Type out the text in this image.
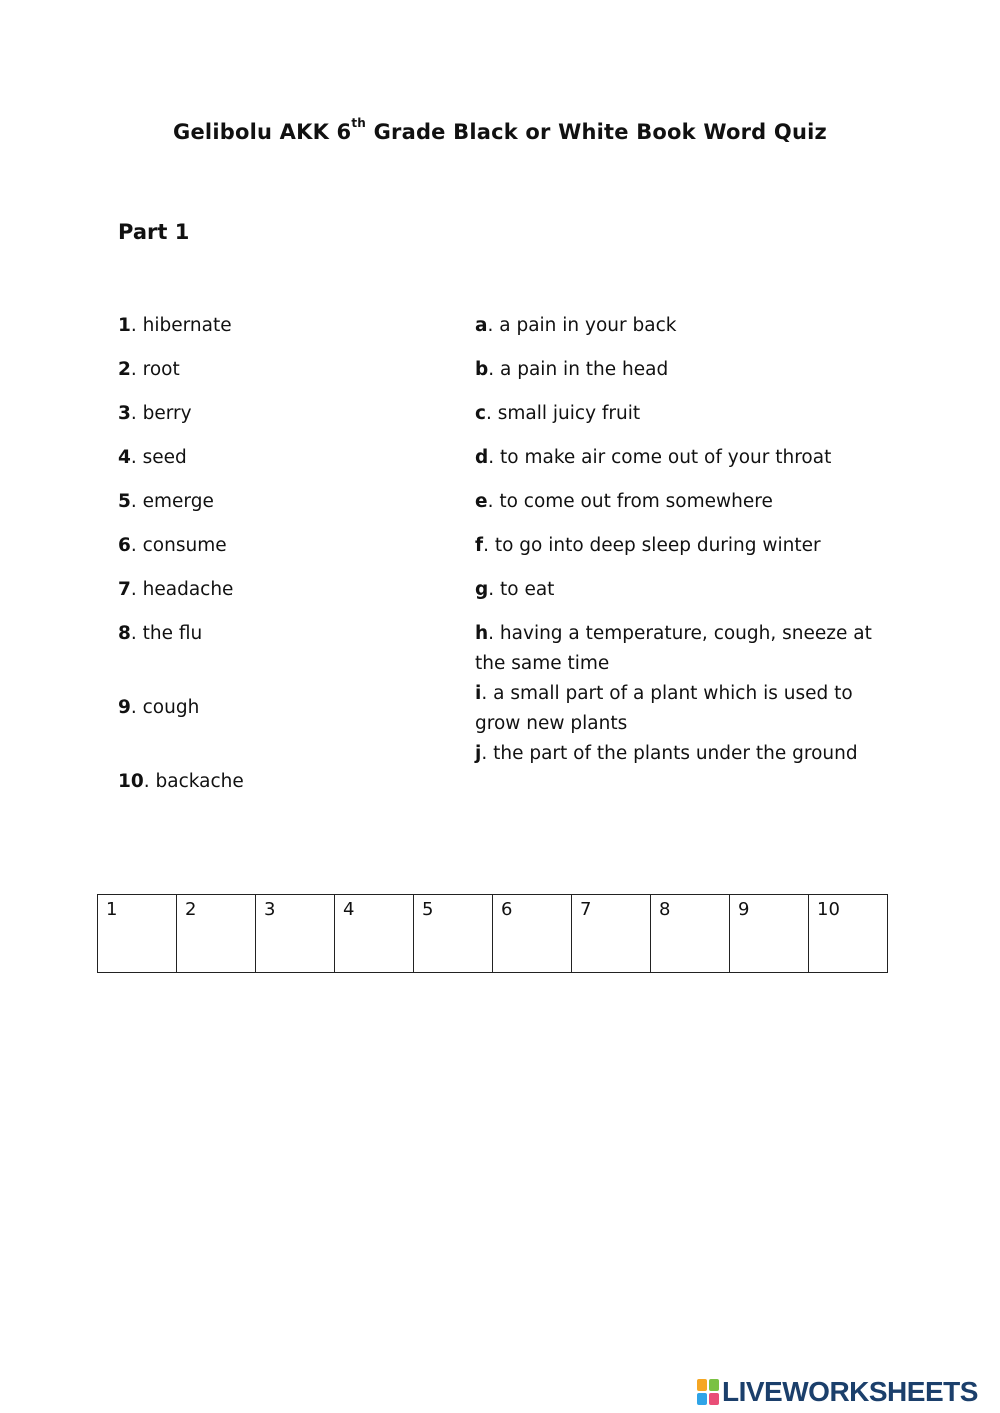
Gelibolu AKK 6th Grade Black or White Book Word Quiz
Part 1
1. hibernate
2. root
3. berry
4. seed
5. emerge
6. consume
7. headache
8. the flu
9. cough
10. backache
a. a pain in your back
b. a pain in the head
c. small juicy fruit
d. to make air come out of your throat
e. to come out from somewhere
f. to go into deep sleep during winter
g. to eat
h. having a temperature, cough, sneeze at the same time
i. a small part of a plant which is used to grow new plants
j. the part of the plants under the ground
1	2	3	4	5	6	7	8	9	10
LIVEWORKSHEETS
